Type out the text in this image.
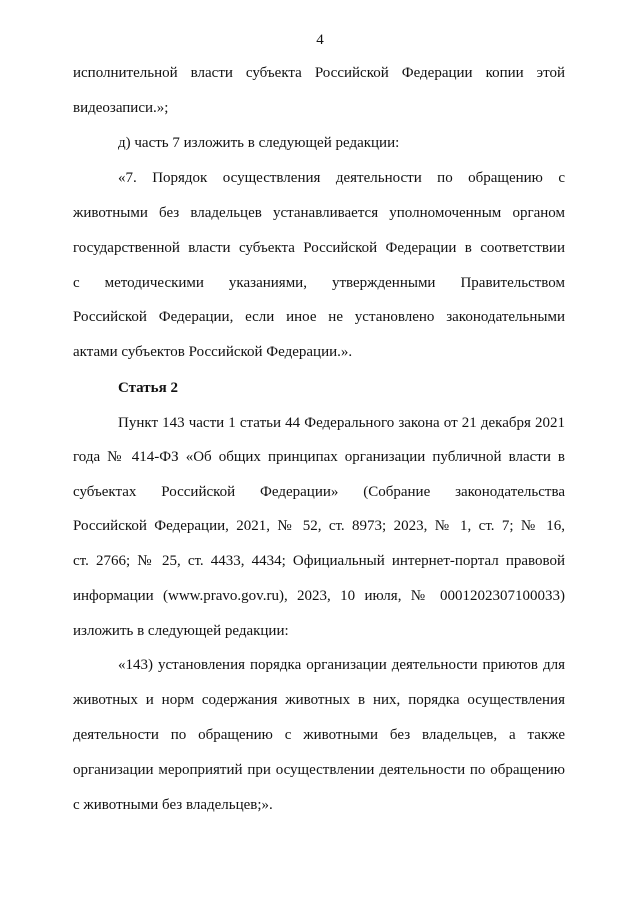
4
исполнительной власти субъекта Российской Федерации копии этой
видеозаписи.»;
д) часть 7 изложить в следующей редакции:
«7. Порядок осуществления деятельности по обращению с
животными без владельцев устанавливается уполномоченным органом
государственной власти субъекта Российской Федерации в соответствии
с методическими указаниями, утвержденными Правительством
Российской Федерации, если иное не установлено законодательными
актами субъектов Российской Федерации.».
Статья 2
Пункт 143 части 1 статьи 44 Федерального закона от 21 декабря 2021
года № 414-ФЗ «Об общих принципах организации публичной власти в
субъектах Российской Федерации» (Собрание законодательства
Российской Федерации, 2021, № 52, ст. 8973; 2023, № 1, ст. 7; № 16,
ст. 2766; № 25, ст. 4433, 4434; Официальный интернет-портал правовой
информации (www.pravo.gov.ru), 2023, 10 июля, № 0001202307100033)
изложить в следующей редакции:
«143) установления порядка организации деятельности приютов для
животных и норм содержания животных в них, порядка осуществления
деятельности по обращению с животными без владельцев, а также
организации мероприятий при осуществлении деятельности по обращению
с животными без владельцев;».
